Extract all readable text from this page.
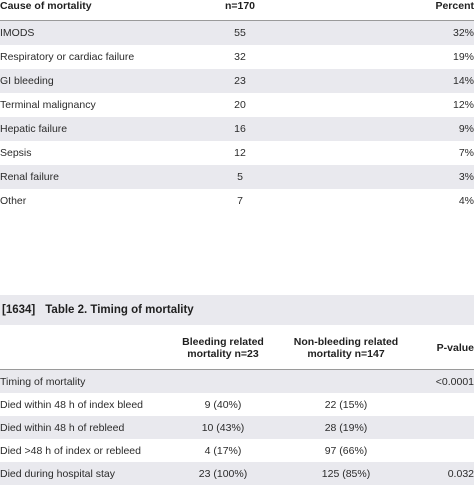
Cause of mortality	n=170	Percent
IMODS	55	32%
Respiratory or cardiac failure	32	19%
GI bleeding	23	14%
Terminal malignancy	20	12%
Hepatic failure	16	9%
Sepsis	12	7%
Renal failure	5	3%
Other	7	4%
[1634] Table 2. Timing of mortality
	Bleeding related mortality n=23	Non-bleeding related mortality n=147	P-value
Timing of mortality			<0.0001
Died within 48 h of index bleed	9 (40%)	22 (15%)	
Died within 48 h of rebleed	10 (43%)	28 (19%)	
Died >48 h of index or rebleed	4 (17%)	97 (66%)	
Died during hospital stay	23 (100%)	125 (85%)	0.032
